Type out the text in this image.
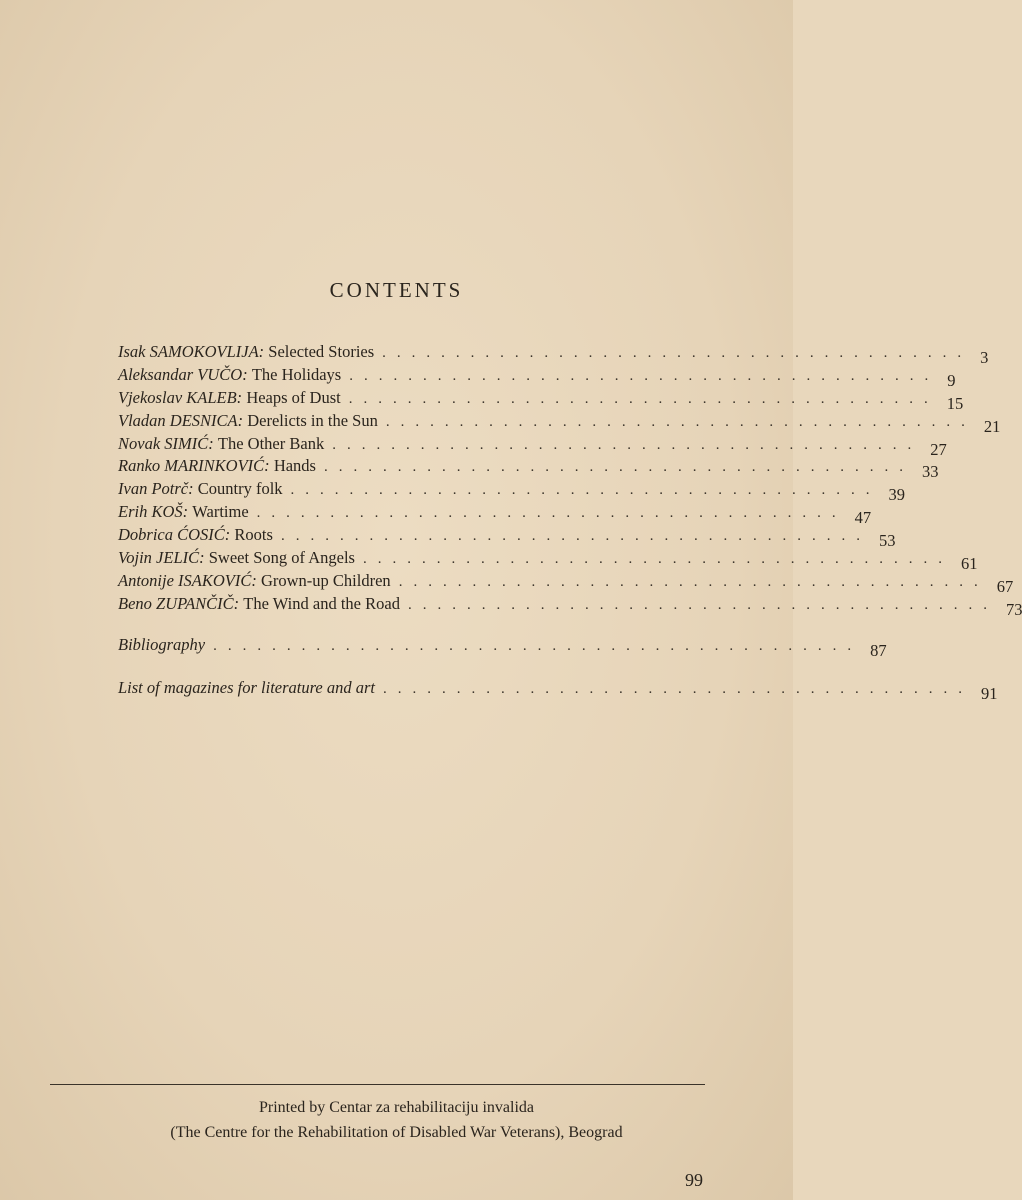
CONTENTS
Isak SAMOKOVLIJA:
Selected Stories ........................................ 3
Aleksandar VUČO:
The Holidays ........................................ 9
Vjekoslav KALEB:
Heaps of Dust ........................................ 15
Vladan DESNICA:
Derelicts in the Sun ........................................ 21
Novak SIMIĆ:
The Other Bank ........................................ 27
Ranko MARINKOVIĆ:
Hands ........................................ 33
Ivan Potrč:
Country folk ........................................ 39
Erih KOŠ:
Wartime ........................................ 47
Dobrica ĆOSIĆ:
Roots ........................................ 53
Vojin JELIĆ:
Sweet Song of Angels ........................................ 61
Antonije ISAKOVIĆ:
Grown-up Children ........................................ 67
Beno ZUPANČIČ:
The Wind and the Road ........................................ 73
Bibliography ............................................ 87
List of magazines for literature and art ........................................ 91
Printed by Centar za rehabilitaciju invalida
(The Centre for the Rehabilitation of Disabled War Veterans), Beograd
99
